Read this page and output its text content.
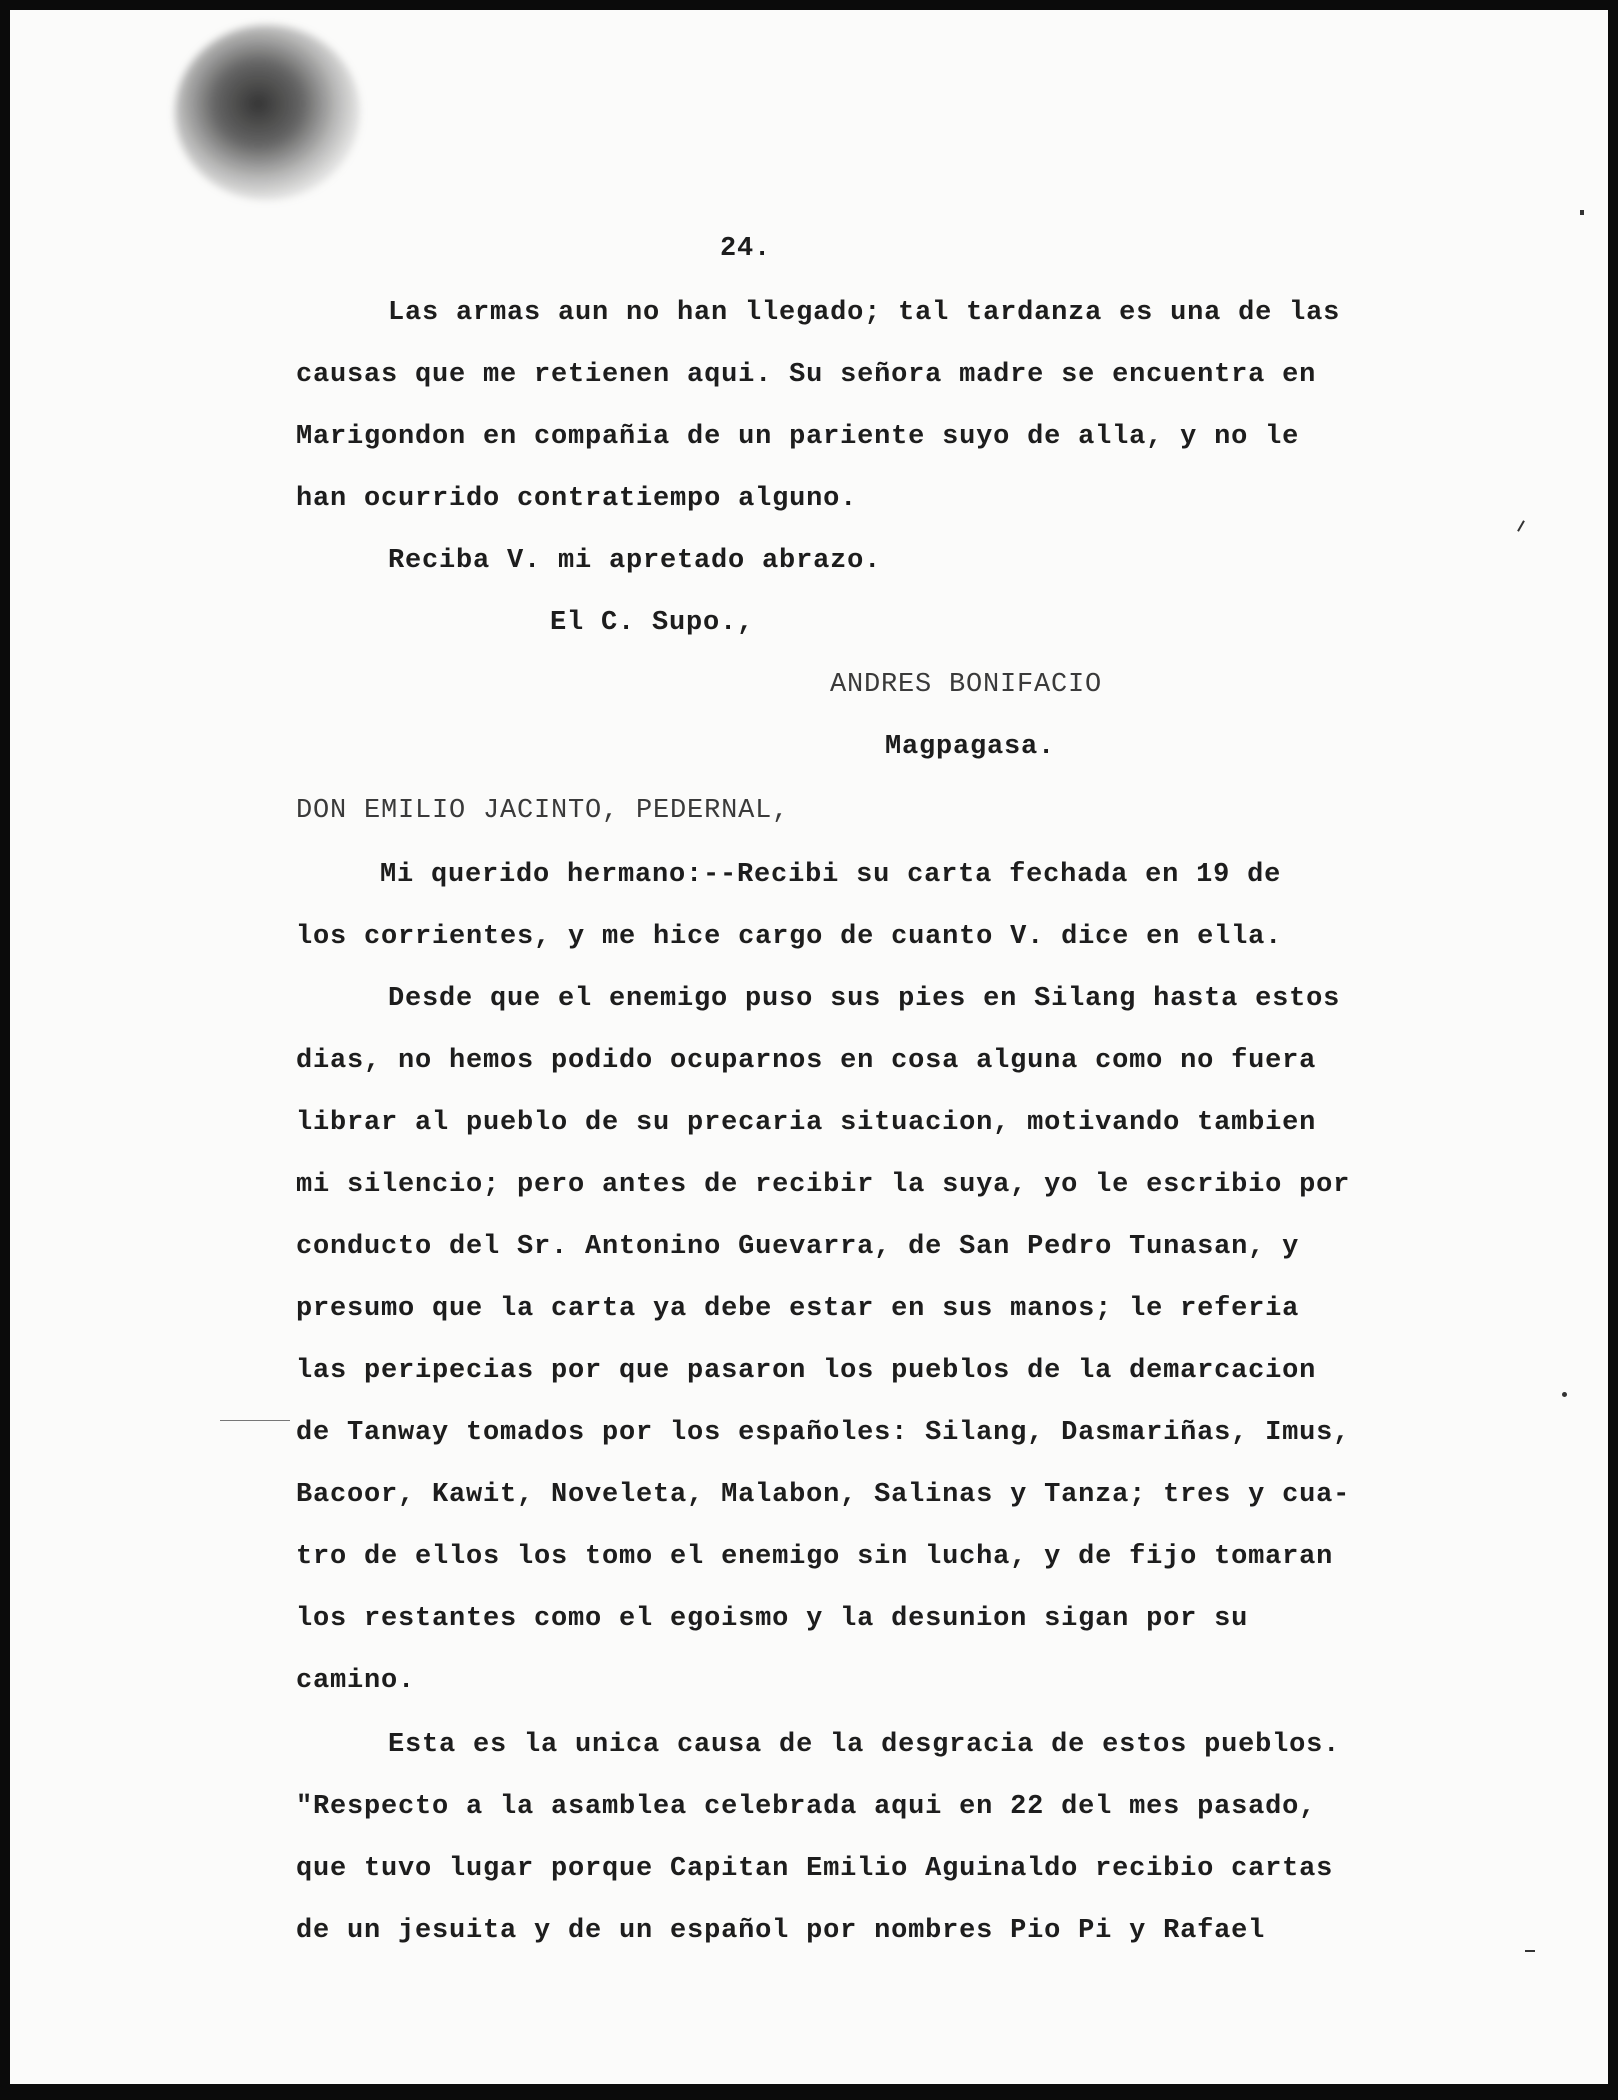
24.
Las armas aun no han llegado; tal tardanza es una de las
causas que me retienen aqui. Su señora madre se encuentra en
Marigondon en compañia de un pariente suyo de alla, y no le
han ocurrido contratiempo alguno.
Reciba V. mi apretado abrazo.
El C. Supo.,
ANDRES BONIFACIO
Magpagasa.
DON EMILIO JACINTO, PEDERNAL,
Mi querido hermano:--Recibi su carta fechada en 19 de
los corrientes, y me hice cargo de cuanto V. dice en ella.
Desde que el enemigo puso sus pies en Silang hasta estos
dias, no hemos podido ocuparnos en cosa alguna como no fuera
librar al pueblo de su precaria situacion, motivando tambien
mi silencio; pero antes de recibir la suya, yo le escribio por
conducto del Sr. Antonino Guevarra, de San Pedro Tunasan, y
presumo que la carta ya debe estar en sus manos; le referia
las peripecias por que pasaron los pueblos de la demarcacion
de Tanway tomados por los españoles: Silang, Dasmariñas, Imus,
Bacoor, Kawit, Noveleta, Malabon, Salinas y Tanza; tres y cua-
tro de ellos los tomo el enemigo sin lucha, y de fijo tomaran
los restantes como el egoismo y la desunion sigan por su
camino.
Esta es la unica causa de la desgracia de estos pueblos.
"Respecto a la asamblea celebrada aqui en 22 del mes pasado,
que tuvo lugar porque Capitan Emilio Aguinaldo recibio cartas
de un jesuita y de un español por nombres Pio Pi y Rafael
